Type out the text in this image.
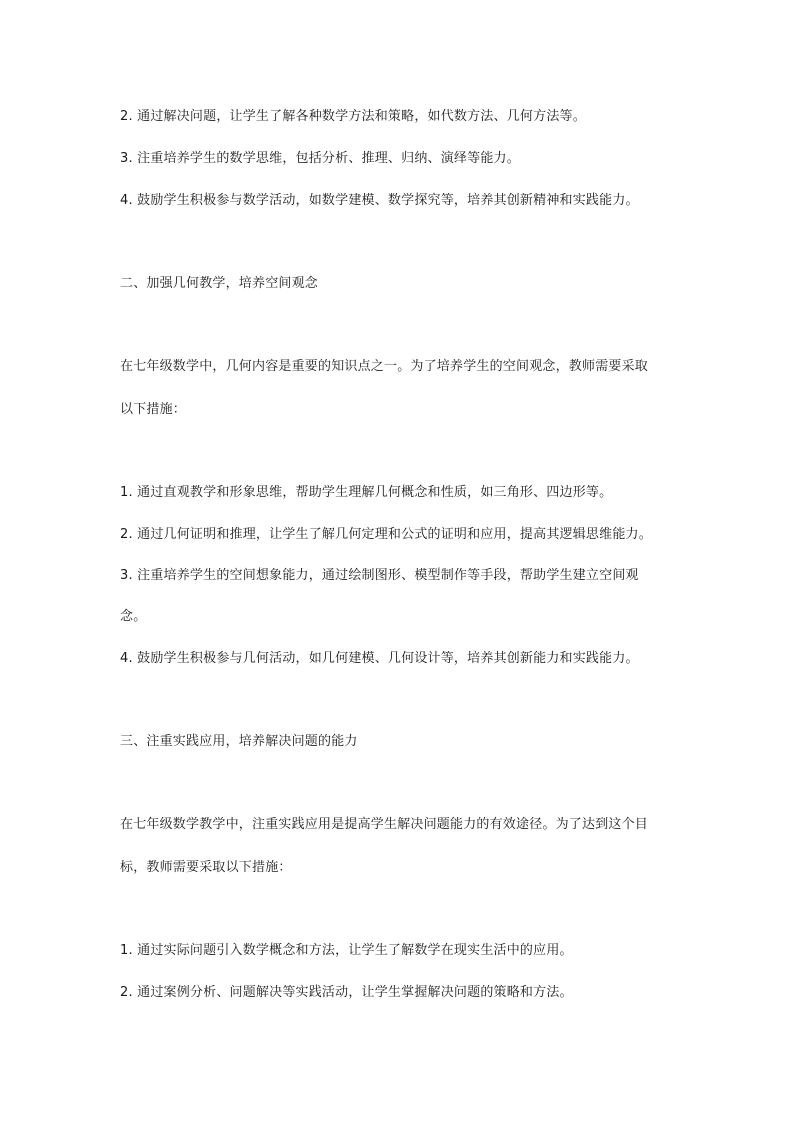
2. 通过解决问题，让学生了解各种数学方法和策略，如代数方法、几何方法等。
3. 注重培养学生的数学思维，包括分析、推理、归纳、演绎等能力。
4. 鼓励学生积极参与数学活动，如数学建模、数学探究等，培养其创新精神和实践能力。
二、加强几何教学，培养空间观念
在七年级数学中，几何内容是重要的知识点之一。为了培养学生的空间观念，教师需要采取
以下措施：
1. 通过直观教学和形象思维，帮助学生理解几何概念和性质，如三角形、四边形等。
2. 通过几何证明和推理，让学生了解几何定理和公式的证明和应用，提高其逻辑思维能力。
3. 注重培养学生的空间想象能力，通过绘制图形、模型制作等手段，帮助学生建立空间观
念。
4. 鼓励学生积极参与几何活动，如几何建模、几何设计等，培养其创新能力和实践能力。
三、注重实践应用，培养解决问题的能力
在七年级数学教学中，注重实践应用是提高学生解决问题能力的有效途径。为了达到这个目
标，教师需要采取以下措施：
1. 通过实际问题引入数学概念和方法，让学生了解数学在现实生活中的应用。
2. 通过案例分析、问题解决等实践活动，让学生掌握解决问题的策略和方法。
